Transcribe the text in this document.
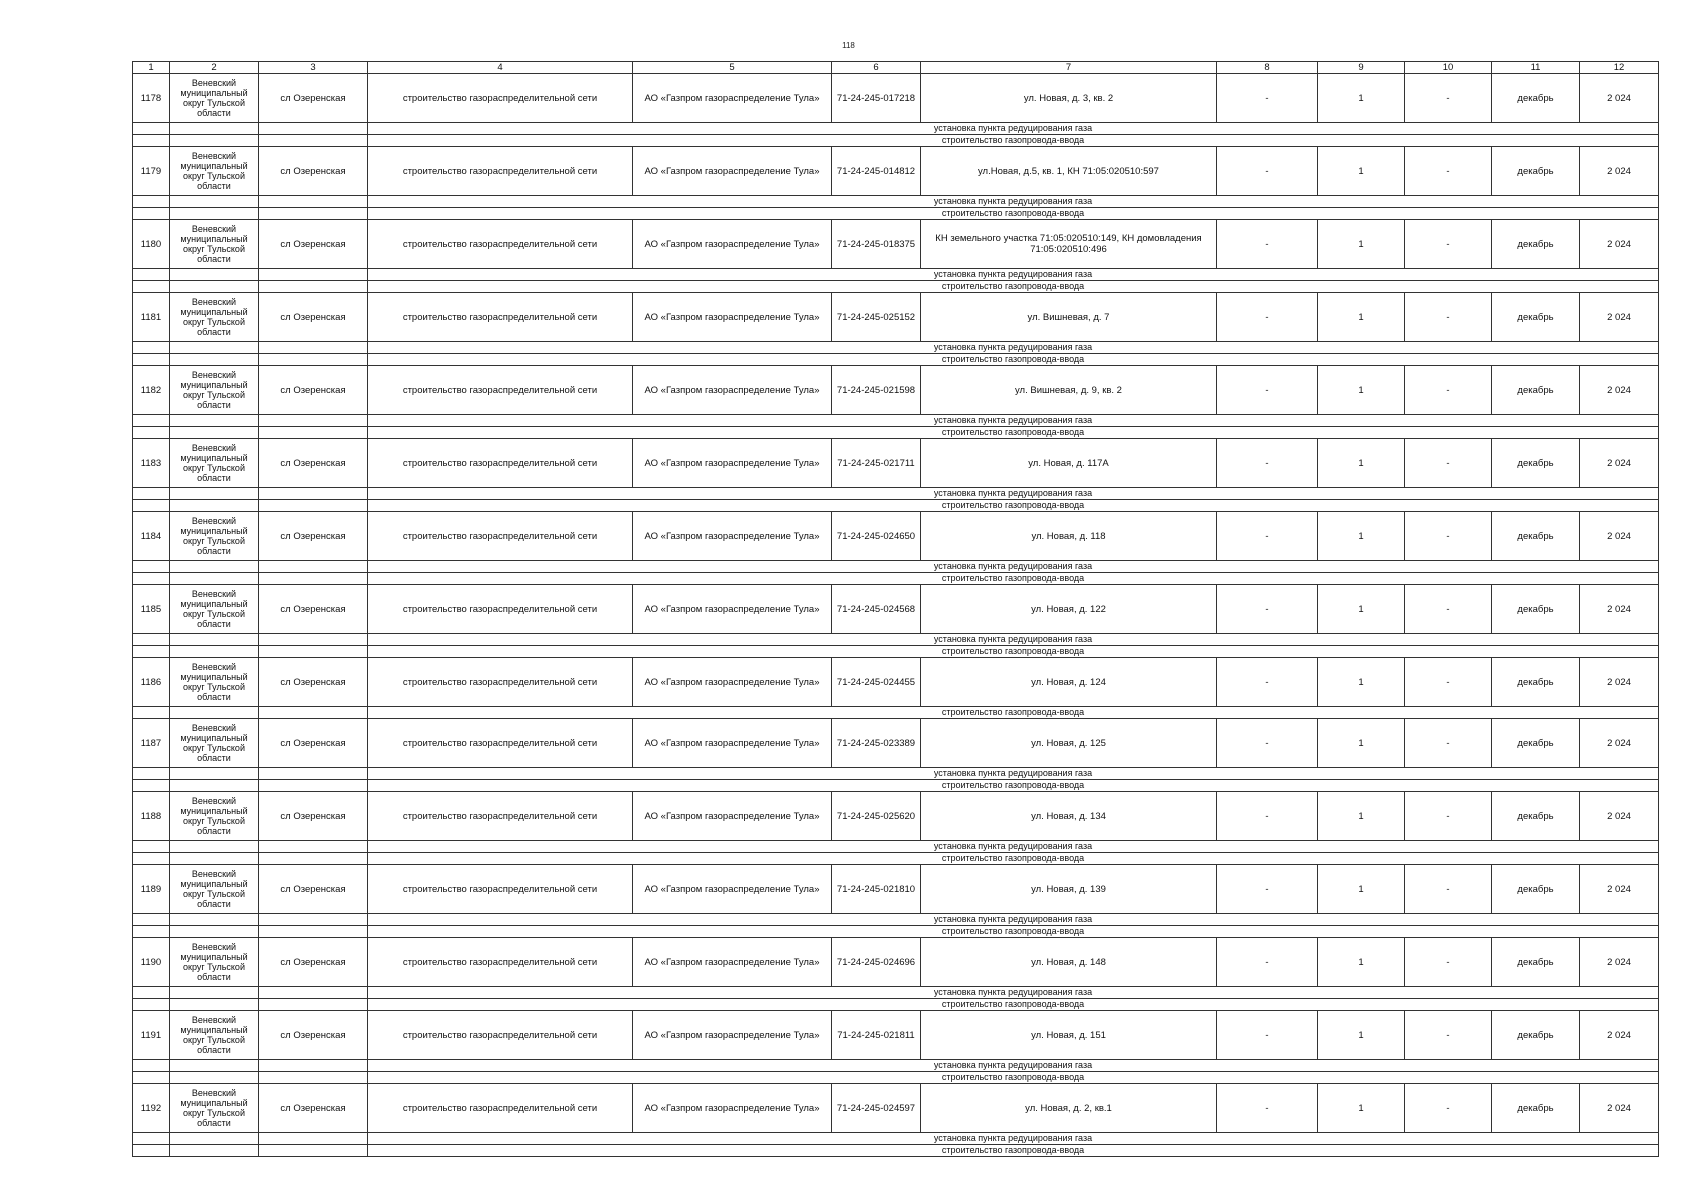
118
1	2	3	4	5	6	7	8	9	10	11	12
1178	Веневский муниципальный округ Тульской области	сл Озеренская	строительство газораспределительной сети	АО «Газпром газораспределение Тула»	71-24-245-017218	ул. Новая, д. 3, кв. 2	-	1	-	декабрь	2 024
			установка пункта редуцирования газа								
			строительство газопровода-ввода								
1179	Веневский муниципальный округ Тульской области	сл Озеренская	строительство газораспределительной сети	АО «Газпром газораспределение Тула»	71-24-245-014812	ул.Новая, д.5, кв. 1, КН 71:05:020510:597	-	1	-	декабрь	2 024
			установка пункта редуцирования газа								
			строительство газопровода-ввода								
1180	Веневский муниципальный округ Тульской области	сл Озеренская	строительство газораспределительной сети	АО «Газпром газораспределение Тула»	71-24-245-018375	КН земельного участка 71:05:020510:149, КН домовладения 71:05:020510:496	-	1	-	декабрь	2 024
			установка пункта редуцирования газа								
			строительство газопровода-ввода								
1181	Веневский муниципальный округ Тульской области	сл Озеренская	строительство газораспределительной сети	АО «Газпром газораспределение Тула»	71-24-245-025152	ул. Вишневая, д. 7	-	1	-	декабрь	2 024
			установка пункта редуцирования газа								
			строительство газопровода-ввода								
1182	Веневский муниципальный округ Тульской области	сл Озеренская	строительство газораспределительной сети	АО «Газпром газораспределение Тула»	71-24-245-021598	ул. Вишневая, д. 9, кв. 2	-	1	-	декабрь	2 024
			установка пункта редуцирования газа								
			строительство газопровода-ввода								
1183	Веневский муниципальный округ Тульской области	сл Озеренская	строительство газораспределительной сети	АО «Газпром газораспределение Тула»	71-24-245-021711	ул. Новая, д. 117А	-	1	-	декабрь	2 024
			установка пункта редуцирования газа								
			строительство газопровода-ввода								
1184	Веневский муниципальный округ Тульской области	сл Озеренская	строительство газораспределительной сети	АО «Газпром газораспределение Тула»	71-24-245-024650	ул. Новая, д. 118	-	1	-	декабрь	2 024
			установка пункта редуцирования газа								
			строительство газопровода-ввода								
1185	Веневский муниципальный округ Тульской области	сл Озеренская	строительство газораспределительной сети	АО «Газпром газораспределение Тула»	71-24-245-024568	ул. Новая, д. 122	-	1	-	декабрь	2 024
			установка пункта редуцирования газа								
			строительство газопровода-ввода								
1186	Веневский муниципальный округ Тульской области	сл Озеренская	строительство газораспределительной сети	АО «Газпром газораспределение Тула»	71-24-245-024455	ул. Новая, д. 124	-	1	-	декабрь	2 024
			строительство газопровода-ввода								
1187	Веневский муниципальный округ Тульской области	сл Озеренская	строительство газораспределительной сети	АО «Газпром газораспределение Тула»	71-24-245-023389	ул. Новая, д. 125	-	1	-	декабрь	2 024
			установка пункта редуцирования газа								
			строительство газопровода-ввода								
1188	Веневский муниципальный округ Тульской области	сл Озеренская	строительство газораспределительной сети	АО «Газпром газораспределение Тула»	71-24-245-025620	ул. Новая, д. 134	-	1	-	декабрь	2 024
			установка пункта редуцирования газа								
			строительство газопровода-ввода								
1189	Веневский муниципальный округ Тульской области	сл Озеренская	строительство газораспределительной сети	АО «Газпром газораспределение Тула»	71-24-245-021810	ул. Новая, д. 139	-	1	-	декабрь	2 024
			установка пункта редуцирования газа								
			строительство газопровода-ввода								
1190	Веневский муниципальный округ Тульской области	сл Озеренская	строительство газораспределительной сети	АО «Газпром газораспределение Тула»	71-24-245-024696	ул. Новая, д. 148	-	1	-	декабрь	2 024
			установка пункта редуцирования газа								
			строительство газопровода-ввода								
1191	Веневский муниципальный округ Тульской области	сл Озеренская	строительство газораспределительной сети	АО «Газпром газораспределение Тула»	71-24-245-021811	ул. Новая, д. 151	-	1	-	декабрь	2 024
			установка пункта редуцирования газа								
			строительство газопровода-ввода								
1192	Веневский муниципальный округ Тульской области	сл Озеренская	строительство газораспределительной сети	АО «Газпром газораспределение Тула»	71-24-245-024597	ул. Новая, д. 2, кв.1	-	1	-	декабрь	2 024
			установка пункта редуцирования газа								
			строительство газопровода-ввода								
